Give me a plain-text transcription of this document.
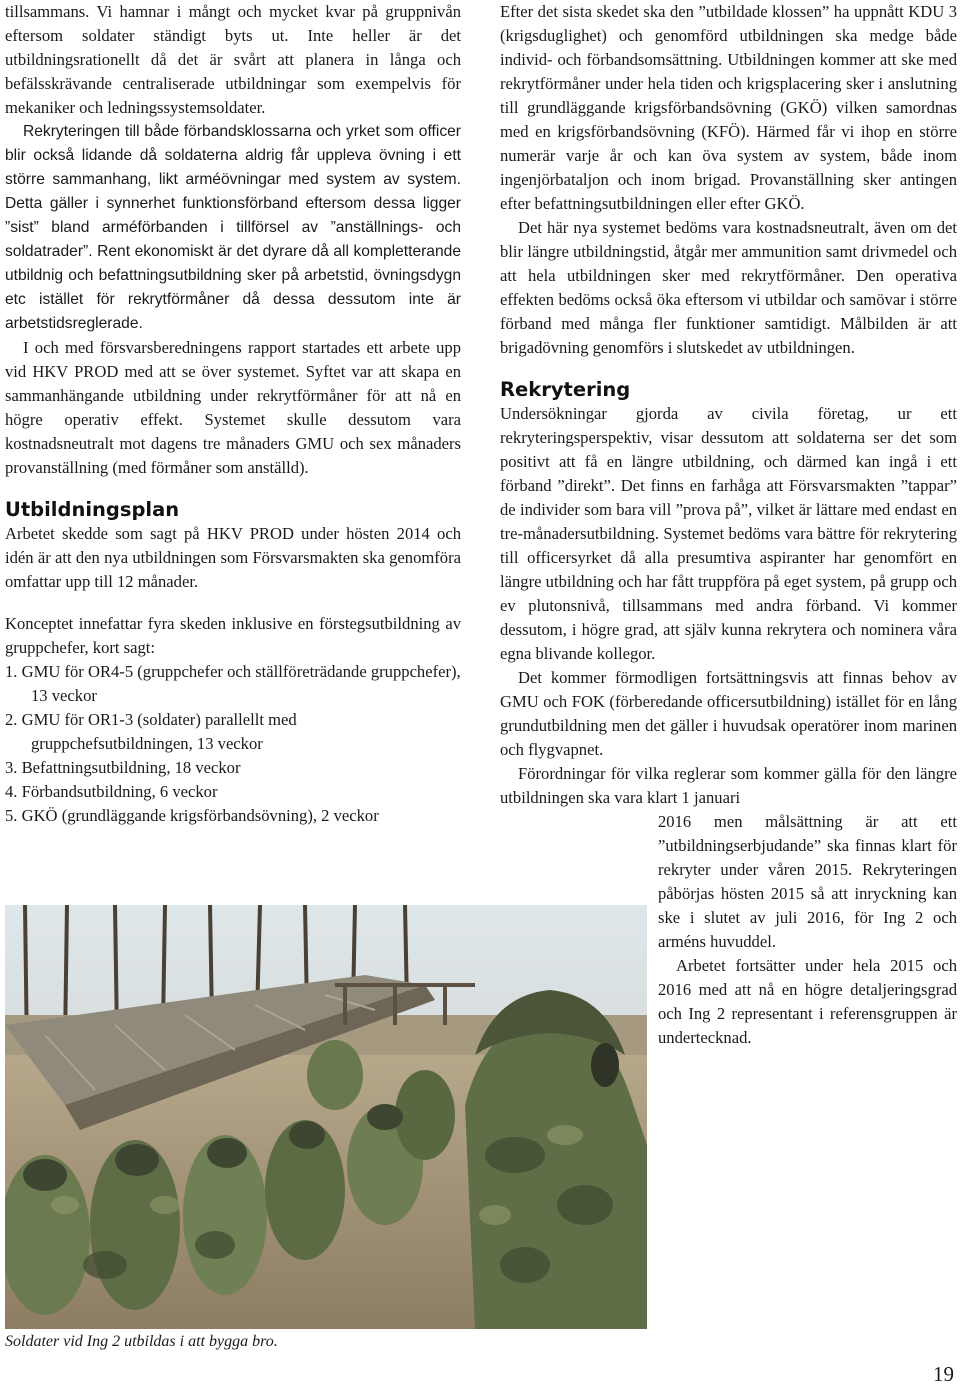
tillsammans. Vi hamnar i mångt och mycket kvar på gruppnivån eftersom soldater ständigt byts ut. Inte heller är det utbildningsrationellt då det är svårt att planera in långa och befälsskrävande centraliserade utbildningar som exempelvis för mekaniker och ledningssystemsoldater.

Rekryteringen till både förbandsklossarna och yrket som officer blir också lidande då soldaterna aldrig får uppleva övning i ett större sammanhang, likt arméövningar med system av system. Detta gäller i synnerhet funktionsförband eftersom dessa ligger ”sist” bland arméförbanden i tillförsel av ”anställnings- och soldatrader”. Rent ekonomiskt är det dyrare då all kompletterande utbildnig och befattningsutbildning sker på arbetstid, övningsdygn etc istället för rekrytförmåner då dessa dessutom inte är arbetstidsreglerade.

I och med försvarsberedningens rapport startades ett arbete upp vid HKV PROD med att se över systemet. Syftet var att skapa en sammanhängande utbildning under rekrytförmåner för att nå en högre operativ effekt. Systemet skulle dessutom vara kostnadsneutralt mot dagens tre månaders GMU och sex månaders provanställning (med förmåner som anställd).

Utbildningsplan

Arbetet skedde som sagt på HKV PROD under hösten 2014 och idén är att den nya utbildningen som Försvarsmakten ska genomföra omfattar upp till 12 månader.

Konceptet innefattar fyra skeden inklusive en förstegsutbildning av gruppchefer, kort sagt:

1. GMU för OR4-5 (gruppchefer och ställföreträdande gruppchefer), 13 veckor
2. GMU för OR1-3 (soldater) parallellt med gruppchefsutbildningen, 13 veckor
3. Befattningsutbildning, 18 veckor
4. Förbandsutbildning, 6 veckor
5. GKÖ (grundläggande krigsförbandsövning), 2 veckor

Efter det sista skedet ska den ”utbildade klossen” ha uppnått KDU 3 (krigsduglighet) och genomförd utbildningen ska medge både individ- och förbandsomsättning. Utbildningen kommer att ske med rekrytförmåner under hela tiden och krigsplacering sker i anslutning till grundläggande krigsförbandsövning (GKÖ) vilken samordnas med en krigsförbandsövning (KFÖ). Härmed får vi ihop en större numerär varje år och kan öva system av system, både inom ingenjörbataljon och inom brigad. Provanställning sker antingen efter befattningsutbildningen eller efter GKÖ.

Det här nya systemet bedöms vara kostnadsneutralt, även om det blir längre utbildningstid, åtgår mer ammunition samt drivmedel och att hela utbildningen sker med rekrytförmåner. Den operativa effekten bedöms också öka eftersom vi utbildar och samövar i större förband med många fler funktioner samtidigt. Målbilden är att brigadövning genomförs i slutskedet av utbildningen.

Rekrytering

Undersökningar gjorda av civila företag, ur ett rekryteringsperspektiv, visar dessutom att soldaterna ser det som positivt att få en längre utbildning, och därmed kan ingå i ett förband ”direkt”. Det finns en farhåga att Försvarsmakten ”tappar” de individer som bara vill ”prova på”, vilket är lättare med endast en tre-månadersutbildning. Systemet bedöms vara bättre för rekrytering till officersyrket då alla presumtiva aspiranter har genomfört en längre utbildning och har fått truppföra på eget system, på grupp och ev plutonsnivå, tillsammans med andra förband. Vi kommer dessutom, i högre grad, att själv kunna rekrytera och nominera våra egna blivande kollegor.

Det kommer förmodligen fortsättningsvis att finnas behov av GMU och FOK (förberedande officersutbildning) istället för en lång grundutbildning men det gäller i huvudsak operatörer inom marinen och flygvapnet.

Förordningar för vilka reglerar som kommer gälla för den längre utbildningen ska vara klart 1 januari

2016 men målsättning är att ett ”utbildningserbjudande” ska finnas klart för rekryter under våren 2015. Rekryteringen påbörjas hösten 2015 så att inryckning kan ske i slutet av juli 2016, för Ing 2 och arméns huvuddel.

Arbetet fortsätter under hela 2015 och 2016 med att nå en högre detaljeringsgrad och Ing 2 representant i referensgruppen är undertecknad.

Soldater vid Ing 2 utbildas i att bygga bro.
19
